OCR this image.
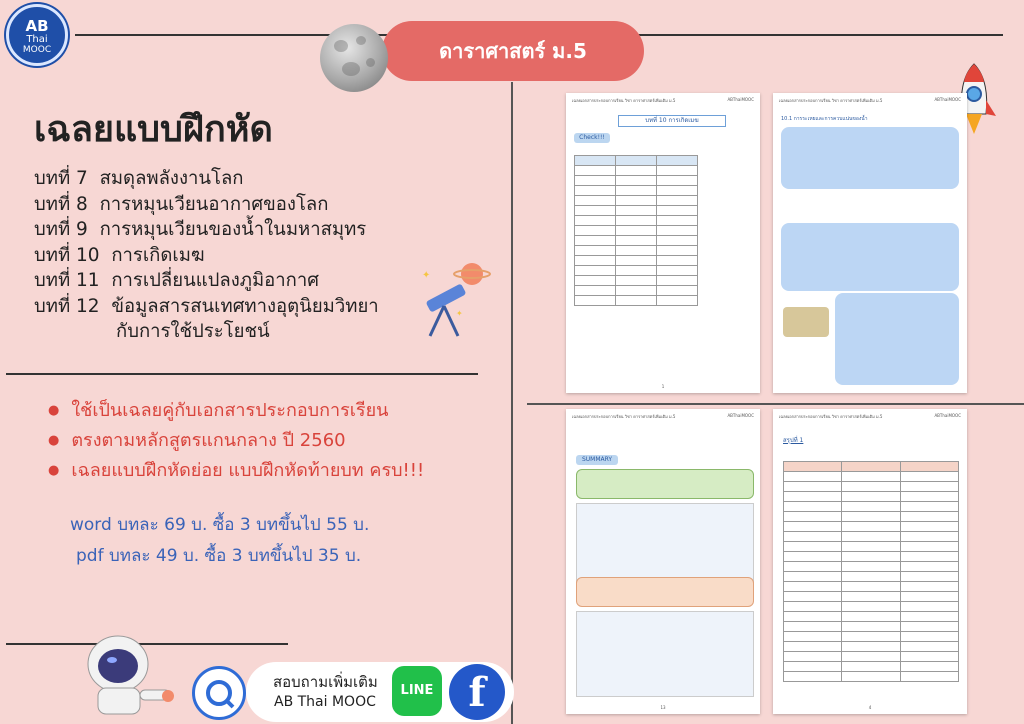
AB
Thai
MOOC	ดาราศาสตร์ ม.5
✦
✦
เฉลยแบบฝึกหัด
บทที่ 7 สมดุลพลังงานโลก
บทที่ 8 การหมุนเวียนอากาศของโลก
บทที่ 9 การหมุนเวียนของน้ำในมหาสมุทร
บทที่ 10 การเกิดเมฆ
บทที่ 11 การเปลี่ยนแปลงภูมิอากาศ
บทที่ 12 ข้อมูลสารสนเทศทางอุตุนิยมวิทยา
กับการใช้ประโยชน์
● ใช้เป็นเฉลยคู่กับเอกสารประกอบการเรียน
● ตรงตามหลักสูตรแกนกลาง ปี 2560
● เฉลยแบบฝึกหัดย่อย แบบฝึกหัดท้ายบท ครบ!!!
word บทละ 69 บ. ซื้อ 3 บทขึ้นไป 55 บ.
pdf บทละ 49 บ. ซื้อ 3 บทขึ้นไป 35 บ.
สอบถามเพิ่มเติม
AB Thai MOOC
LINE f
เฉลยเอกสารประกอบการเรียน วิชา ดาราศาสตร์เพิ่มเติม ม.5	ABThaiMOOC
บทที่ 10 การเกิดเมฆ
Check!!!

1
เฉลยเอกสารประกอบการเรียน วิชา ดาราศาสตร์เพิ่มเติม ม.5	ABThaiMOOC
10.1 การระเหยและการควบแน่นของน้ำ
เฉลยเอกสารประกอบการเรียน วิชา ดาราศาสตร์เพิ่มเติม ม.5	ABThaiMOOC
SUMMARY
13
เฉลยเอกสารประกอบการเรียน วิชา ดาราศาสตร์เพิ่มเติม ม.5	ABThaiMOOC
สรุปที่ 1

4
